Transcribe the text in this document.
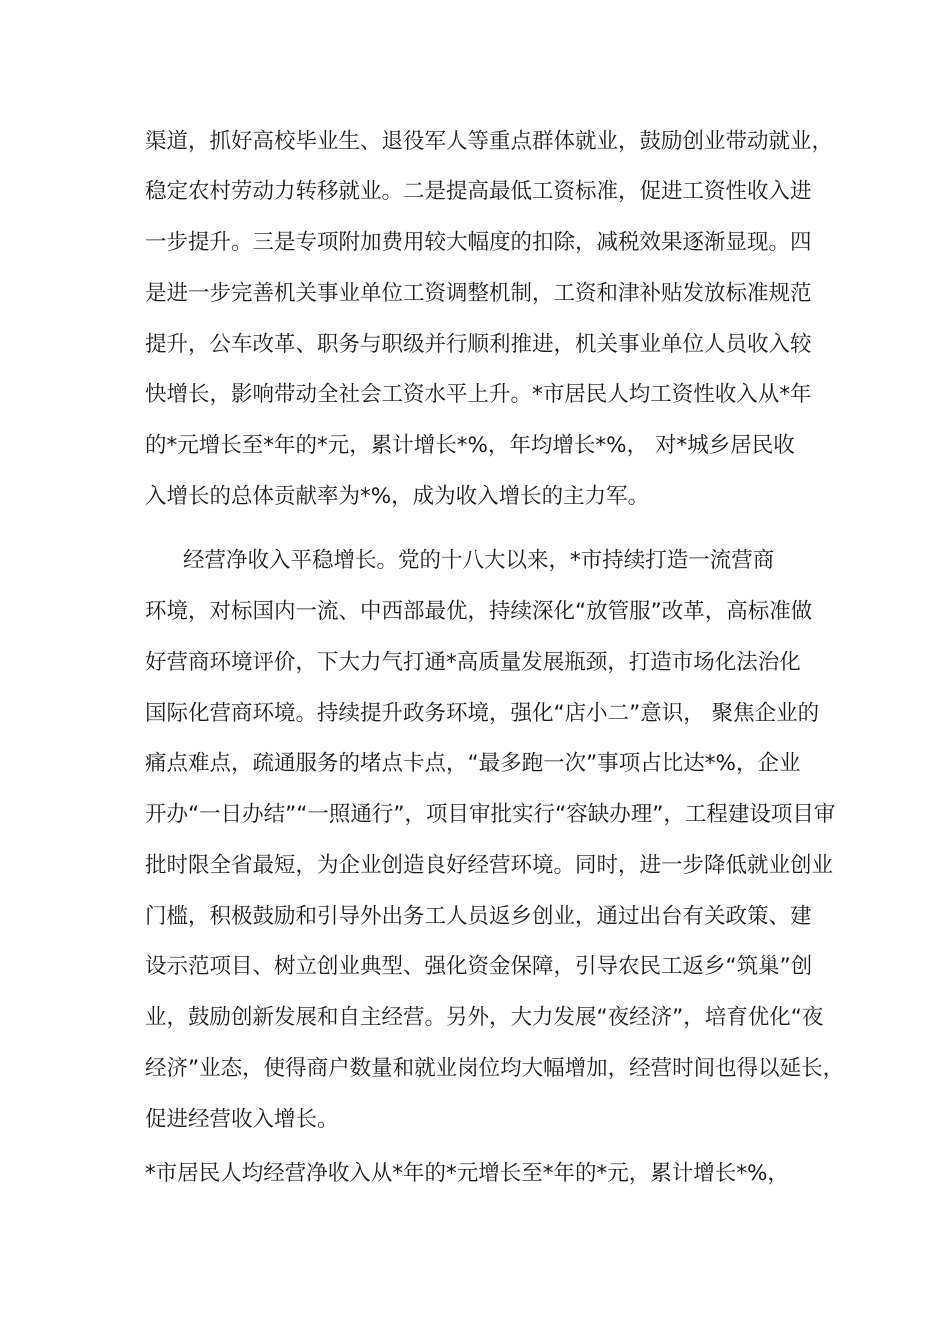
渠道，抓好高校毕业生、退役军人等重点群体就业，鼓励创业带动就业，
稳定农村劳动力转移就业。二是提高最低工资标准，促进工资性收入进
一步提升。三是专项附加费用较大幅度的扣除，减税效果逐渐显现。四
是进一步完善机关事业单位工资调整机制，工资和津补贴发放标准规范
提升，公车改革、职务与职级并行顺利推进，机关事业单位人员收入较
快增长，影响带动全社会工资水平上升。*市居民人均工资性收入从*年
的*元增长至*年的*元，累计增长*%，年均增长*%， 对*城乡居民收
入增长的总体贡献率为*%，成为收入增长的主力军。
经营净收入平稳增长。党的十八大以来，*市持续打造一流营商
环境，对标国内一流、中西部最优，持续深化“放管服”改革，高标准做
好营商环境评价，下大力气打通*高质量发展瓶颈，打造市场化法治化
国际化营商环境。持续提升政务环境，强化“店小二”意识， 聚焦企业的
痛点难点，疏通服务的堵点卡点，“最多跑一次”事项占比达*%，企业
开办“一日办结”“一照通行”，项目审批实行“容缺办理”，工程建设项目审
批时限全省最短，为企业创造良好经营环境。同时，进一步降低就业创业
门槛，积极鼓励和引导外出务工人员返乡创业，通过出台有关政策、建
设示范项目、树立创业典型、强化资金保障，引导农民工返乡“筑巢”创
业，鼓励创新发展和自主经营。另外，大力发展“夜经济”，培育优化“夜
经济”业态，使得商户数量和就业岗位均大幅增加，经营时间也得以延长，
促进经营收入增长。
*市居民人均经营净收入从*年的*元增长至*年的*元，累计增长*%，
